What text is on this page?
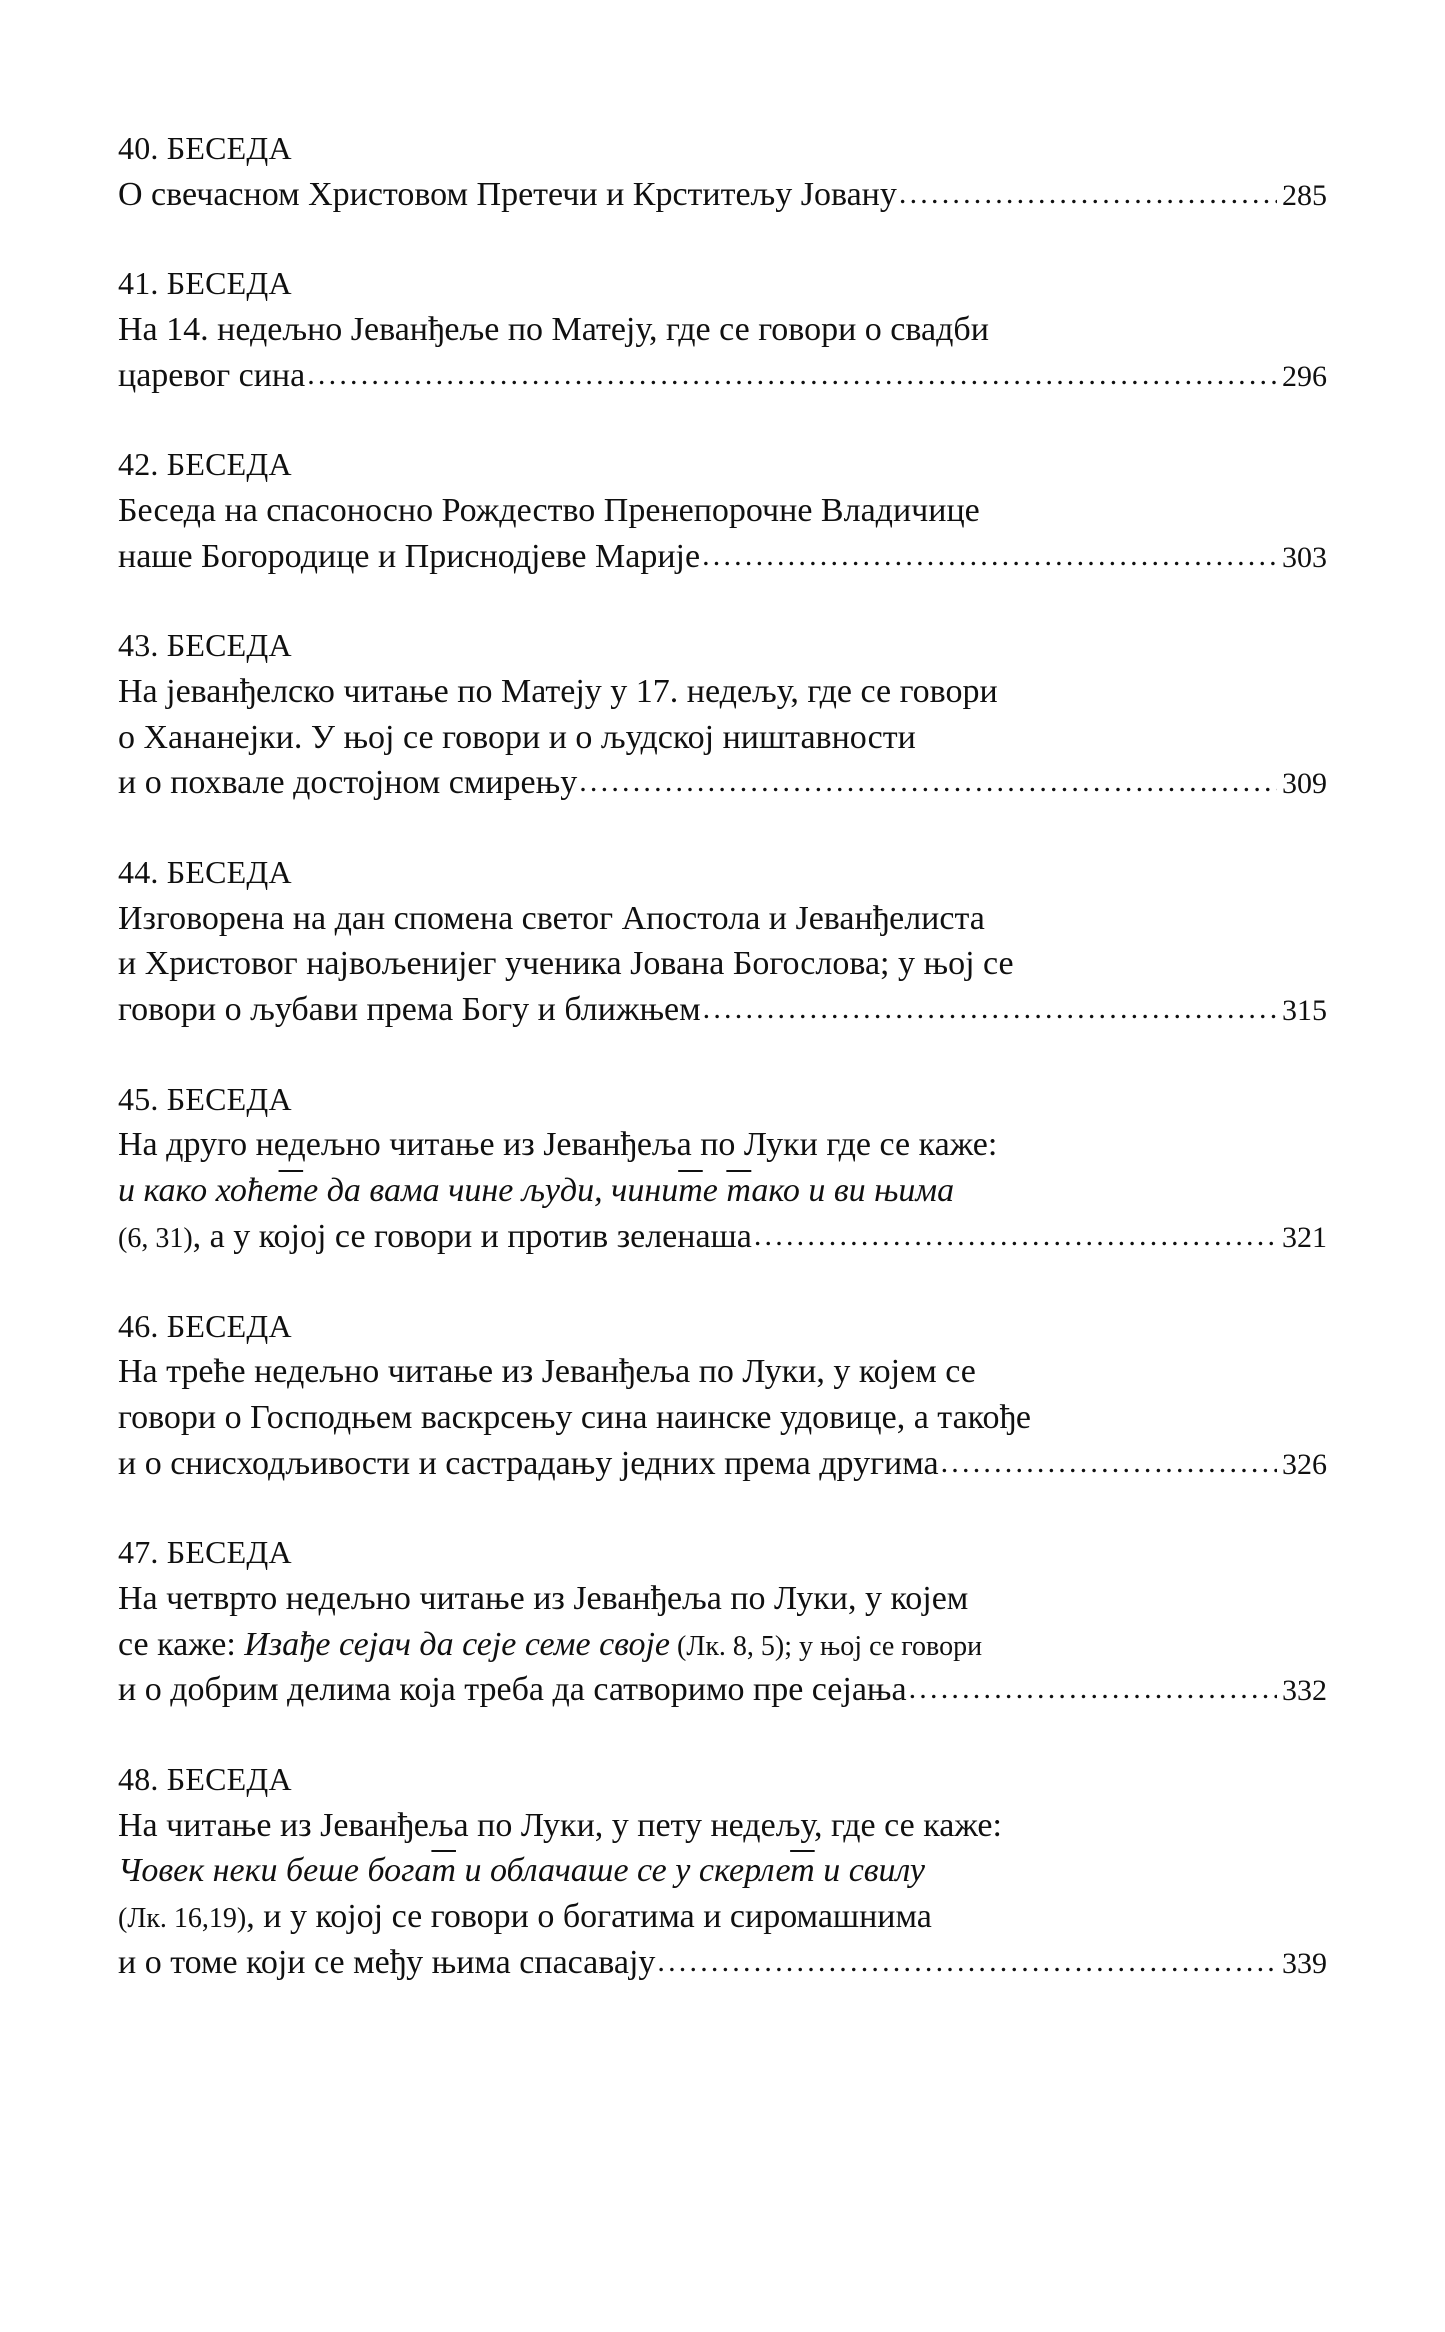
40. БЕСЕДА
О свечасном Христовом Претечи и Крститељу Јовану .....	285
41. БЕСЕДА
На 14. недељно Јеванђеље по Матеју, где се говори о свадби
царевог сина .....	296
42. БЕСЕДА
Беседа на спасоносно Рождество Пренепорочне Владичице
наше Богородице и Приснодјеве Марије .....	303
43. БЕСЕДА
На јеванђелско читање по Матеју у 17. недељу, где се говори
о Хананејки. У њој се говори и о људској ништавности
и о похвале достојном смирењу .....	309
44. БЕСЕДА
Изговорена на дан спомена светог Апостола и Јеванђелиста
и Христовог највољенијег ученика Јована Богослова; у њој се
говори о љубави према Богу и ближњем .....	315
45. БЕСЕДА
На друго недељно читање из Јеванђеља по Луки где се каже:
и како хоћете да вама чине људи, чините тако и ви њима
(6, 31), а у којој се говори и против зеленаша .....	321
46. БЕСЕДА
На треће недељно читање из Јеванђеља по Луки, у којем се
говори о Господњем васкрсењу сина наинске удовице, а такође
и о снисходљивости и састрадању једних према другима .....	326
47. БЕСЕДА
На четврто недељно читање из Јеванђеља по Луки, у којем
се каже: Изађе сејач да сеје семе своје (Лк. 8, 5); у њој се говори
и о добрим делима која треба да сатворимо пре сејања .....	332
48. БЕСЕДА
На читање из Јеванђеља по Луки, у пету недељу, где се каже:
Човек неки беше богат и облачаше се у скерлет и свилу
(Лк. 16,19), и у којој се говори о богатима и сиромашнима
и о томе који се међу њима спасавају .....	339
